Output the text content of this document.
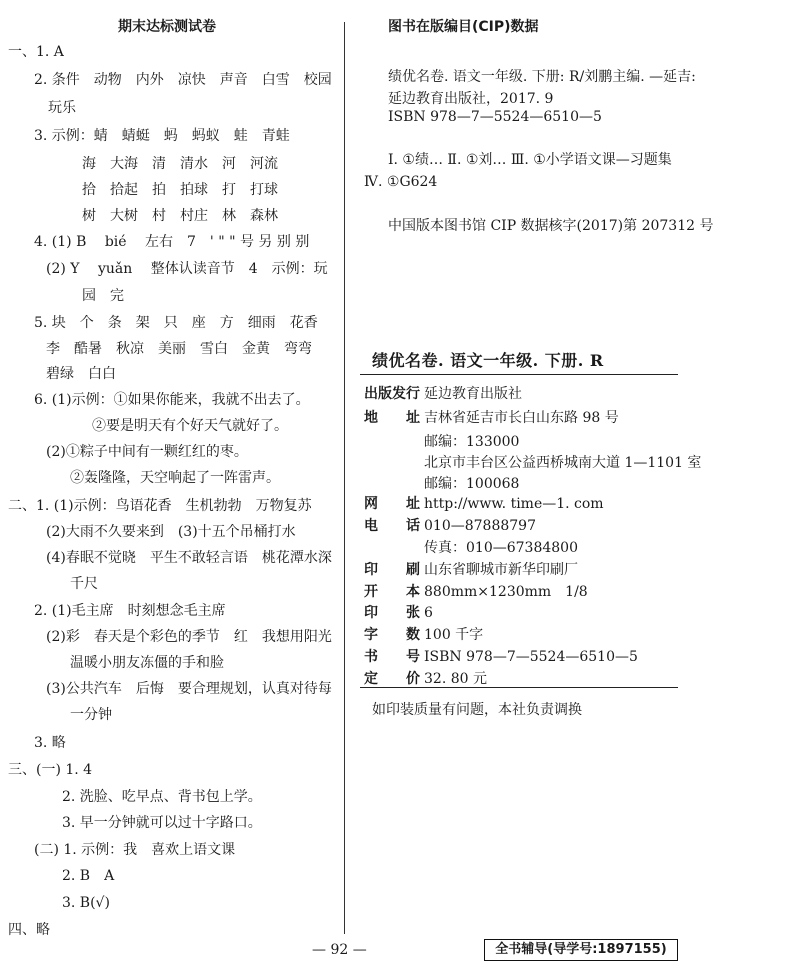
期末达标测试卷
一、1. A
2. 条件　动物　内外　凉快　声音　白雪　校园
玩乐
3. 示例：蜻　蜻蜓　蚂　蚂蚁　蛙　青蛙
海　大海　清　清水　河　河流
拾　拾起　拍　拍球　打　打球
树　大树　村　村庄　林　森林
4. (1) B　 bié　 左右　7　' " " 号 另 别 别
(2) Y　 yuǎn　 整体认读音节　4　示例：玩
园　完
5. 块　个　条　架　只　座　方　细雨　花香
李　酷暑　秋凉　美丽　雪白　金黄　弯弯
碧绿　白白
6. (1)示例：①如果你能来，我就不出去了。
②要是明天有个好天气就好了。
(2)①粽子中间有一颗红红的枣。
②轰隆隆，天空响起了一阵雷声。
二、1. (1)示例：鸟语花香　生机勃勃　万物复苏
(2)大雨不久要来到　(3)十五个吊桶打水
(4)春眠不觉晓　平生不敢轻言语　桃花潭水深
千尺
2. (1)毛主席　时刻想念毛主席
(2)彩　春天是个彩色的季节　红　我想用阳光
温暖小朋友冻僵的手和脸
(3)公共汽车　后悔　要合理规划，认真对待每
一分钟
3. 略
三、(一) 1. 4
2. 洗脸、吃早点、背书包上学。
3. 早一分钟就可以过十字路口。
(二) 1. 示例：我　喜欢上语文课
2. B　A
3. B(√)
四、略
图书在版编目(CIP)数据
绩优名卷. 语文一年级. 下册: R/刘鹏主编. —延吉:
延边教育出版社，2017. 9
ISBN 978—7—5524—6510—5
Ⅰ. ①绩… Ⅱ. ①刘… Ⅲ. ①小学语文课—习题集
Ⅳ. ①G624
中国版本图书馆 CIP 数据核字(2017)第 207312 号
绩优名卷. 语文一年级. 下册. R
出版发行 延边教育出版社
地　　址 吉林省延吉市长白山东路 98 号
邮编：133000
北京市丰台区公益西桥城南大道 1—1101 室
邮编：100068
网　　址 http://www. time—1. com
电　　话 010—87888797
传真：010—67384800
印　　刷 山东省聊城市新华印刷厂
开　　本 880mm×1230mm　1/8
印　　张 6
字　　数 100 千字
书　　号 ISBN 978—7—5524—6510—5
定　　价 32. 80 元
如印装质量有问题，本社负责调换
— 92 —	全书辅导(导学号:1897155)
